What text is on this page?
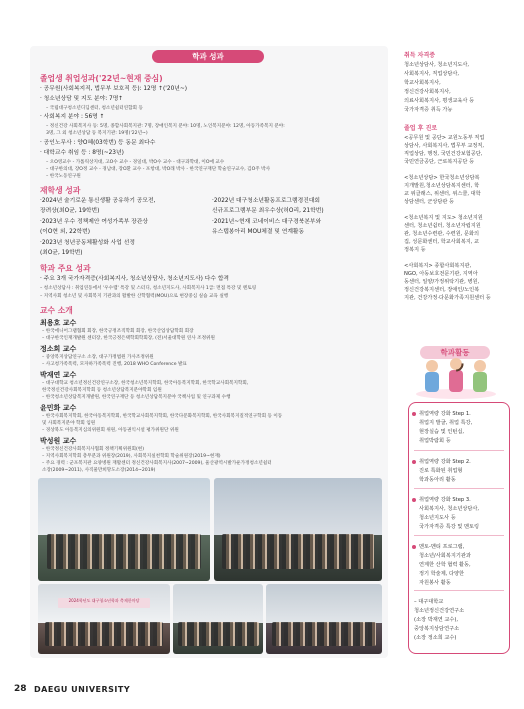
학과 성과
졸업생 취업성과('22년~현재 중심)
· 공무원(사회복지직, 법무부 보호직 등): 12명 ↑('20년~)
· 청소년상담 및 지도 분야: 7명↑
– 국립대구청소년디딤센터, 청소년쉼터연합회 등
· 사회복지 분야 : 56명 ↑
– 정신건강 사회복지사 등: 5명, 종합사회복지관: 7명, 장애인복지 분야: 10명, 노인복지분야: 12명, 아동가족복지 분야:
3명, 그 외 청소년상담 등 복지기관: 19명('22년~)
· 공인노무사 : 양O혜(03학번) 등 동문 최다수
· 대학교수 취임 등 : 8명(~23년)
– 오O영교수 - 가톨릭상지대, 고O수 교수 - 경일대, 박O수 교수 - 대구과학대, 이O애 교수
– 대구한의대, 장O정 교수 - 경남대, 장O환 교수 - 포항대, 박O래 박사 - 한국연구재단 학술연구교수, 김O주 박사
– 한국노동연구원
재학생 성과
·2024년 술기로운 통신생활 공유하기 공모전,
장려상(최O균, 19학번)
·2023년 우수 정책제안 여성가족부 장관상
(이O현 외, 22학번)
·2023년 청년공동체활성화 사업 선정
(최O균, 19학번)
·2022년 대구청소년활동프로그램경진대회
신규프로그램부문 최우수상(허O리, 21학번)
·2021년~현재 코네이비스 대구경북본부와
유스탭봉아리 MOU체결 및 연계활동
학과 주요 성과
· 주요 3개 국가자격증(사회복지사, 청소년상담사, 청소년지도사) 다수 합격
– 청소년상담사 : 취업연동에서 '우수랩' 특강 및 스터디, 청소년지도사, 사회복지사 1급: 면접 특강 및 멘토링
– 지역사회 청소년 및 사회복지 기관과의 활발한 산학협력(MOU)으로 현장중심 실습 교육 실행
교수 소개
최용호 교수
– 한국에니어그램협회 회장, 한국긍정조직학회 회장, 한국산업상담학회 회장
– 대구한국인재개발원 센터장, 한국긍정은택학회학회장, (전)서울대학원 연사 조정위원
정소희 교수
– 중앙복지상담연구소 소장, 대구가정법원 가사조정위원
– 사고청가족폭력, 모자하가족폭력 진행, 2018 WHO Conference 발표
박재연 교수
– 대구대학교 청소년정신건강연구소장, 한국청소년복지학회, 한국아동복지학회, 한국학교사회복지학회,
한국정신건강사회복지학회 등 청소년상담복지분야학회 임원
– 한국청소년상담복지개발원, 한국연구재단 등 청소년상담복지분야 국책사업 및 연구과제 수행
윤민화 교수
– 한국사회복지학회, 한국아동복지학회, 한국학교사회복지학회, 한국다문화복지학회, 한국사회복지질적연구학회 등 이동
및 사회복지분야 학회 임원
– 경상북도 아동복지심의위원회 위원, 아동권익시설 평가위원단 위원
박성원 교수
– 한국정신건강사회복지사협회 정책기획위원회(현)
– 지역사회복지학회 총무분과 위원장(2019), 사회복지실천학회 학술위원장(2019~현재)
– 주요 경력 : 군포복지관 요양병원 재활센터 정신건강사회복지사(2007~2009), 울산광역시발가운가정청소년쉼터
소장(2009~2011), 사직물만희망도소장(2014~2019)
2024학년도 대구청소년학과 축제한마당
취득 자격증
청소년상담사, 청소년지도사,
사회복지사, 직업상담사,
학교사회복지사,
정신건강사회복지사,
의료사회복지사, 평생교육사 등
국가자격증 취득 가능
졸업 후 진로
<공무원 및 공단> 교원노동부 직업
상담사, 사회복지사, 법무부 교정직,
직업상담, 행정, 국민건강보험공단,
국민연금공단, 근로복지공단 등
<청소년상담> 한국청소년상담복
지개발원,청소년상담복지센터, 학
교 위클래스, 위센터, 위스쿨, 대학
상담센터, 군상담관 등
<청소년복지 및 지도> 청소년지원
센터, 청소년쉼터, 청소년자립지원
관, 청소년수련관, 수련원, 문화의
집, 성문화센터, 학교사회복지, 교
정복지 등
<사회복지> 종합사회복지관,
NGO, 아동보호전문기관, 지역아
동센터, 일양/가정위탁기관, 병원,
정신건강복지센터, 장애인/노인복
지관, 건강가정·다문화가족지원센터 등
학과활동
취업역량 강화 Step 1.
취업지 발굴, 취업 특강,
현장실습 및 인턴십,
취업박람회 등
취업역량 강화 Step 2.
진로 특화된 취업형
학과동아리 활동
취업역량 강화 Step 3.
사회복지사, 청소년상담사,
청소년지도사 등
국가자격증 특강 및 멘토링
멘토-멘티 프로그램,
청소년/사회복지기관과
연계한 산학 협력 활동,
정기 학술제, 다양한
자원봉사 활동
– 대구대학교
청소년정신건강연구소
(소장 박재연 교수),
중앙복지상담연구소
(소장 정소희 교수)
28 DAEGU UNIVERSITY
